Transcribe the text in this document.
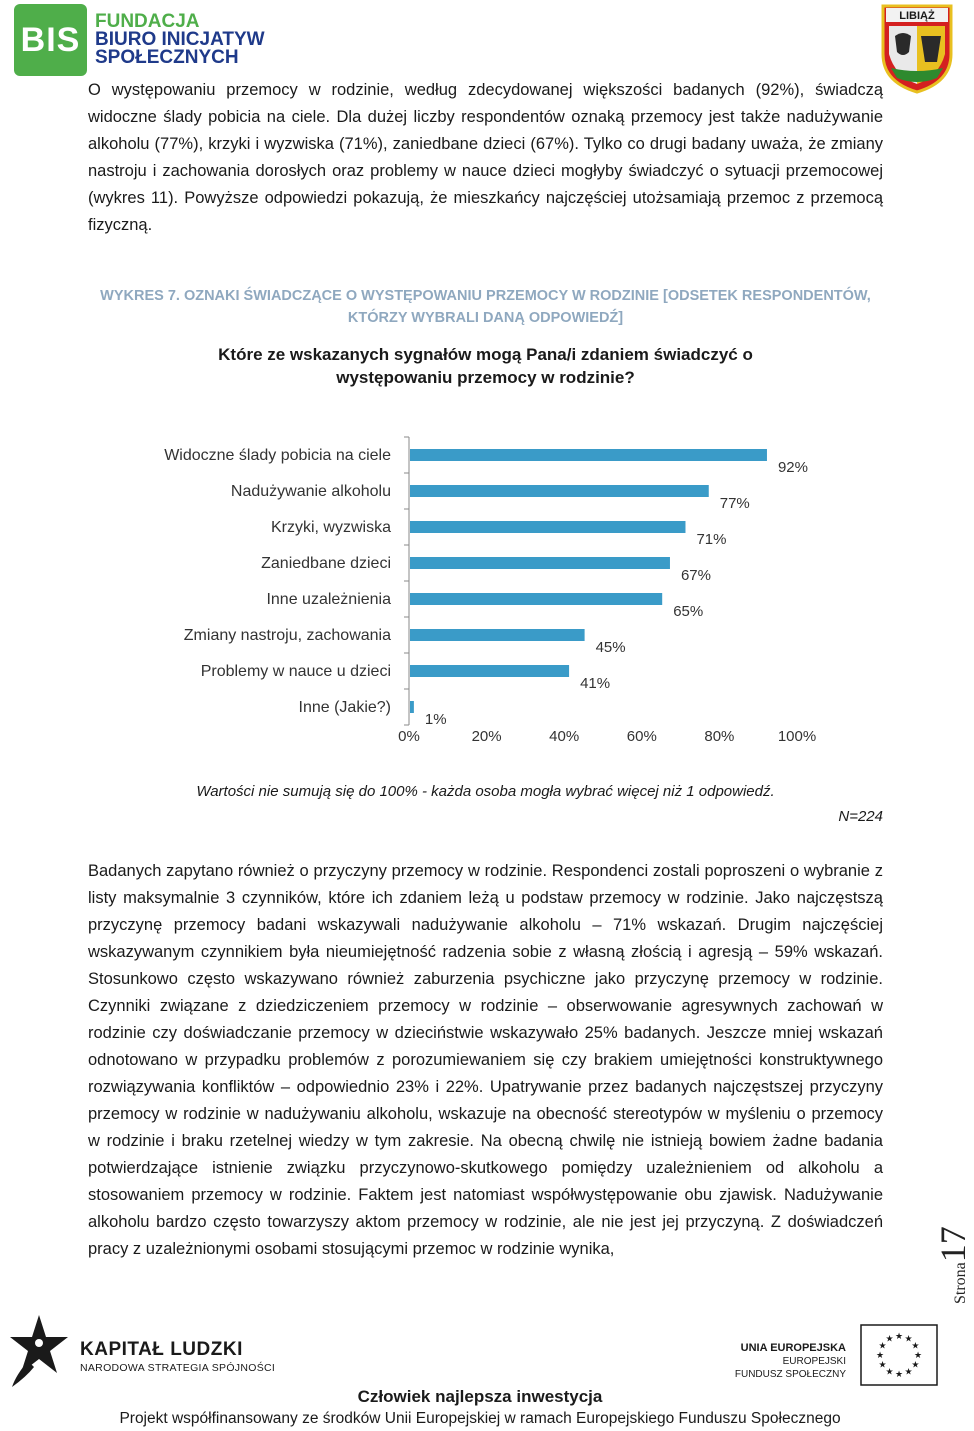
BIS FUNDACJA
BIURO INICJATYW
SPOŁECZNYCH
LIBIĄŻ
O występowaniu przemocy w rodzinie, według zdecydowanej większości badanych (92%), świadczą widoczne ślady pobicia na ciele. Dla dużej liczby respondentów oznaką przemocy jest także nadużywanie alkoholu (77%), krzyki i wyzwiska (71%), zaniedbane dzieci (67%). Tylko co drugi badany uważa, że zmiany nastroju i zachowania dorosłych oraz problemy w nauce dzieci mogłyby świadczyć o sytuacji przemocowej (wykres 11). Powyższe odpowiedzi pokazują, że mieszkańcy najczęściej utożsamiają przemoc z przemocą fizyczną.
WYKRES 7. OZNAKI ŚWIADCZĄCE O WYSTĘPOWANIU PRZEMOCY W RODZINIE [ODSETEK RESPONDENTÓW,
KTÓRZY WYBRALI DANĄ ODPOWIEDŹ]
Które ze wskazanych sygnałów mogą Pana/i zdaniem świadczyć o
występowaniu przemocy w rodzinie?
Widoczne ślady pobicia na ciele
92%
Nadużywanie alkoholu
77%
Krzyki, wyzwiska
71%
Zaniedbane dzieci
67%
Inne uzależnienia
65%
Zmiany nastroju, zachowania
45%
Problemy w nauce u dzieci
41%
Inne (Jakie?)
1%
0%	20%	40%	60%	80%	100%
Wartości nie sumują się do 100% - każda osoba mogła wybrać więcej niż 1 odpowiedź.
N=224
Badanych zapytano również o przyczyny przemocy w rodzinie. Respondenci zostali poproszeni o wybranie z listy maksymalnie 3 czynników, które ich zdaniem leżą u podstaw przemocy w rodzinie. Jako najczęstszą przyczynę przemocy badani wskazywali nadużywanie alkoholu – 71% wskazań. Drugim najczęściej wskazywanym czynnikiem była nieumiejętność radzenia sobie z własną złością i agresją – 59% wskazań. Stosunkowo często wskazywano również zaburzenia psychiczne jako przyczynę przemocy w rodzinie. Czynniki związane z dziedziczeniem przemocy w rodzinie – obserwowanie agresywnych zachowań w rodzinie czy doświadczanie przemocy w dzieciństwie wskazywało 25% badanych. Jeszcze mniej wskazań odnotowano w przypadku problemów z porozumiewaniem się czy brakiem umiejętności konstruktywnego rozwiązywania konfliktów – odpowiednio 23% i 22%. Upatrywanie przez badanych najczęstszej przyczyny przemocy w rodzinie w nadużywaniu alkoholu, wskazuje na obecność stereotypów w myśleniu o przemocy w rodzinie i braku rzetelnej wiedzy w tym zakresie. Na obecną chwilę nie istnieją bowiem żadne badania potwierdzające istnienie związku przyczynowo-skutkowego pomiędzy uzależnieniem od alkoholu a stosowaniem przemocy w rodzinie. Faktem jest natomiast współwystępowanie obu zjawisk. Nadużywanie alkoholu bardzo często towarzyszy aktom przemocy w rodzinie, ale nie jest jej przyczyną. Z doświadczeń pracy z uzależnionymi osobami stosującymi przemoc w rodzinie wynika,
Strona17
KAPITAŁ LUDZKI
NARODOWA STRATEGIA SPÓJNOŚCI
UNIA EUROPEJSKA
EUROPEJSKI
FUNDUSZ SPOŁECZNY
★ ★
★
★
★
★
★
★
★
★
★
★
Człowiek najlepsza inwestycja
Projekt współfinansowany ze środków Unii Europejskiej w ramach Europejskiego Funduszu Społecznego
